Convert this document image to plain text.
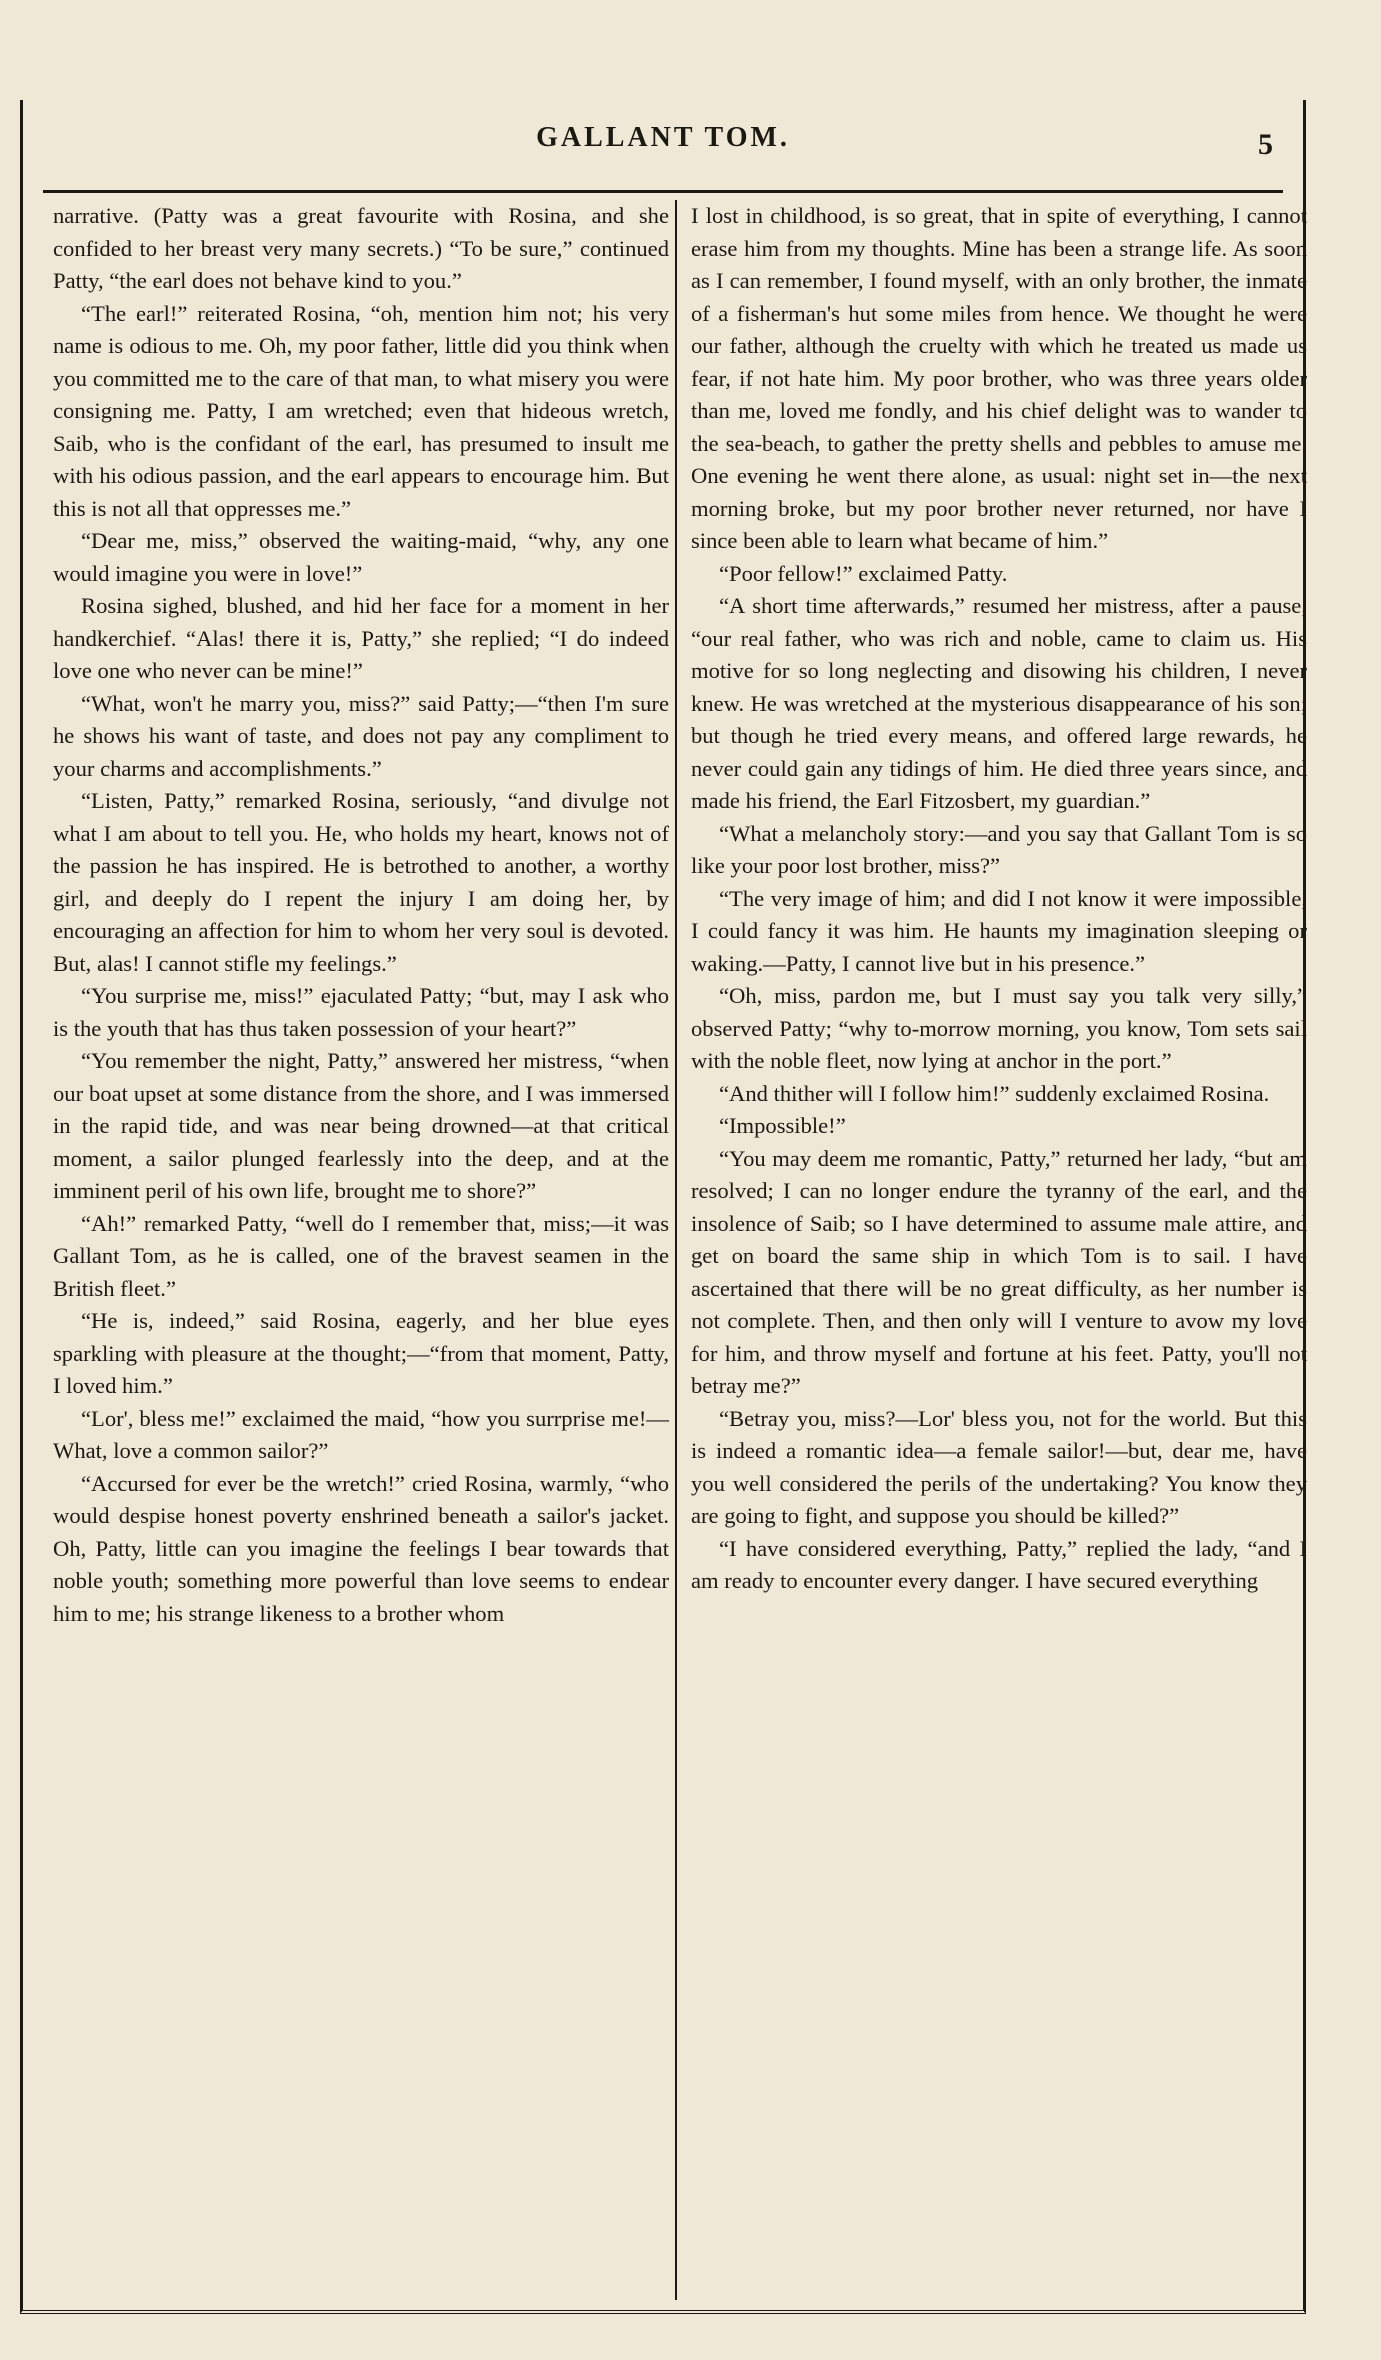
GALLANT TOM.	5

narrative. (Patty was a great favourite with Rosina, and she confided to her breast very many secrets.) “To be sure,” continued Patty, “the earl does not behave kind to you.”

“The earl!” reiterated Rosina, “oh, mention him not; his very name is odious to me. Oh, my poor father, little did you think when you committed me to the care of that man, to what misery you were consigning me. Patty, I am wretched; even that hideous wretch, Saib, who is the confidant of the earl, has presumed to insult me with his odious passion, and the earl appears to encourage him. But this is not all that oppresses me.”

“Dear me, miss,” observed the waiting-maid, “why, any one would imagine you were in love!”

Rosina sighed, blushed, and hid her face for a moment in her handkerchief. “Alas! there it is, Patty,” she replied; “I do indeed love one who never can be mine!”

“What, won't he marry you, miss?” said Patty;—“then I'm sure he shows his want of taste, and does not pay any compliment to your charms and accomplishments.”

“Listen, Patty,” remarked Rosina, seriously, “and divulge not what I am about to tell you. He, who holds my heart, knows not of the passion he has inspired. He is betrothed to another, a worthy girl, and deeply do I repent the injury I am doing her, by encouraging an affection for him to whom her very soul is devoted. But, alas! I cannot stifle my feelings.”

“You surprise me, miss!” ejaculated Patty; “but, may I ask who is the youth that has thus taken possession of your heart?”

“You remember the night, Patty,” answered her mistress, “when our boat upset at some distance from the shore, and I was immersed in the rapid tide, and was near being drowned—at that critical moment, a sailor plunged fearlessly into the deep, and at the imminent peril of his own life, brought me to shore?”

“Ah!” remarked Patty, “well do I remember that, miss;—it was Gallant Tom, as he is called, one of the bravest seamen in the British fleet.”

“He is, indeed,” said Rosina, eagerly, and her blue eyes sparkling with pleasure at the thought;—“from that moment, Patty, I loved him.”

“Lor', bless me!” exclaimed the maid, “how you surrprise me!—What, love a common sailor?”

“Accursed for ever be the wretch!” cried Rosina, warmly, “who would despise honest poverty enshrined beneath a sailor's jacket. Oh, Patty, little can you imagine the feelings I bear towards that noble youth; something more powerful than love seems to endear him to me; his strange likeness to a brother whom

I lost in childhood, is so great, that in spite of everything, I cannot erase him from my thoughts. Mine has been a strange life. As soon as I can remember, I found myself, with an only brother, the inmate of a fisherman's hut some miles from hence. We thought he were our father, although the cruelty with which he treated us made us fear, if not hate him. My poor brother, who was three years older than me, loved me fondly, and his chief delight was to wander to the sea-beach, to gather the pretty shells and pebbles to amuse me. One evening he went there alone, as usual: night set in—the next morning broke, but my poor brother never returned, nor have I since been able to learn what became of him.”

“Poor fellow!” exclaimed Patty.

“A short time afterwards,” resumed her mistress, after a pause, “our real father, who was rich and noble, came to claim us. His motive for so long neglecting and disowing his children, I never knew. He was wretched at the mysterious disappearance of his son; but though he tried every means, and offered large rewards, he never could gain any tidings of him. He died three years since, and made his friend, the Earl Fitzosbert, my guardian.”

“What a melancholy story:—and you say that Gallant Tom is so like your poor lost brother, miss?”

“The very image of him; and did I not know it were impossible, I could fancy it was him. He haunts my imagination sleeping or waking.—Patty, I cannot live but in his presence.”

“Oh, miss, pardon me, but I must say you talk very silly,” observed Patty; “why to-morrow morning, you know, Tom sets sail with the noble fleet, now lying at anchor in the port.”

“And thither will I follow him!” suddenly exclaimed Rosina.

“Impossible!”

“You may deem me romantic, Patty,” returned her lady, “but am resolved; I can no longer endure the tyranny of the earl, and the insolence of Saib; so I have determined to assume male attire, and get on board the same ship in which Tom is to sail. I have ascertained that there will be no great difficulty, as her number is not complete. Then, and then only will I venture to avow my love for him, and throw myself and fortune at his feet. Patty, you'll not betray me?”

“Betray you, miss?—Lor' bless you, not for the world. But this is indeed a romantic idea—a female sailor!—but, dear me, have you well considered the perils of the undertaking? You know they are going to fight, and suppose you should be killed?”

“I have considered everything, Patty,” replied the lady, “and I am ready to encounter every danger. I have secured everything
